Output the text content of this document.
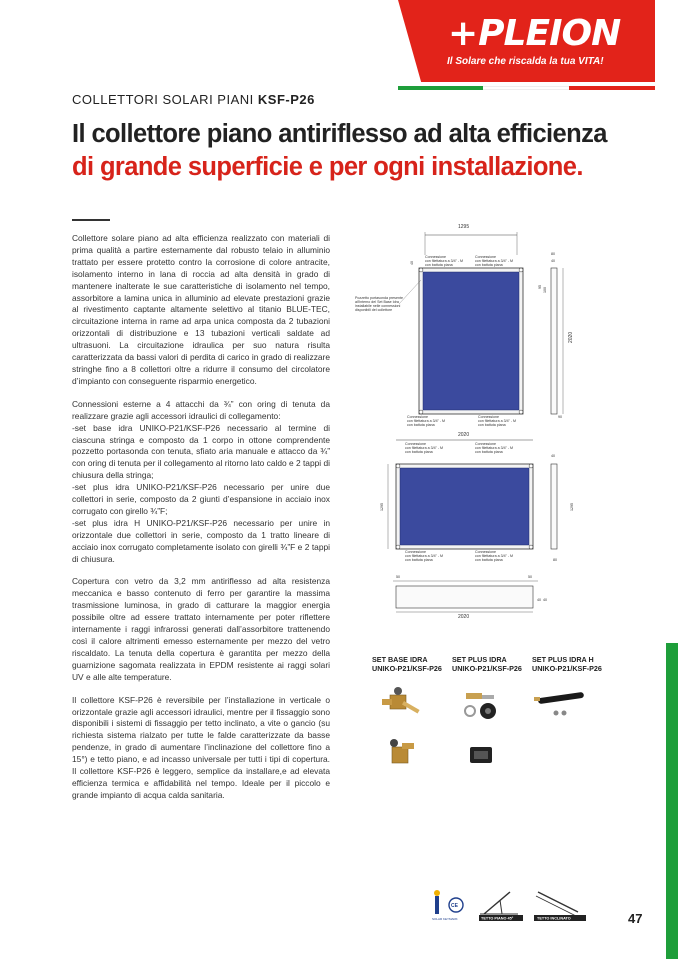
+PLEION
Il Solare che riscalda la tua VITA!
COLLETTORI SOLARI PIANI KSF-P26
Il collettore piano antiriflesso ad alta efficienza
di grande superficie e per ogni installazione.

Collettore solare piano ad alta efficienza realizzato con materiali di prima qualità a partire esternamente dal robusto telaio in alluminio trattato per essere protetto contro la corrosione di colore antracite, isolamento interno in lana di roccia ad alta densità in grado di mantenere inalterate le sue caratteristiche di isolamento nel tempo, assorbitore a lamina unica in alluminio ad elevate prestazioni grazie al rivestimento captante altamente selettivo al titanio BLUE-TEC, circuitazione interna in rame ad arpa unica composta da 2 tubazioni orizzontali di distribuzione e 13 tubazioni verticali saldate ad ultrasuoni. La circuitazione idraulica per suo natura risulta caratterizzata da bassi valori di perdita di carico in grado di realizzare stringhe fino a 8 collettori oltre a ridurre il consumo del circolatore d’impianto con conseguente risparmio energetico.

Connessioni esterne a 4 attacchi da ¾” con oring di tenuta da realizzare grazie agli accessori idraulici di collegamento:
-set base idra UNIKO-P21/KSF-P26 necessario al termine di ciascuna stringa e composto da 1 corpo in ottone comprendente pozzetto portasonda con tenuta, sfiato aria manuale e attacco da ¾” con oring di tenuta per il collegamento al ritorno lato caldo e 2 tappi di chiusura della stringa;
-set plus idra UNIKO-P21/KSF-P26 necessario per unire due collettori in serie, composto da 2 giunti d’espansione in acciaio inox corrugato con girello ¾”F;
-set plus idra H UNIKO-P21/KSF-P26 necessario per unire in orizzontale due collettori in serie, composto da 1 tratto lineare di acciaio inox corrugato completamente isolato con girelli ¾”F e 2 tappi di chiusura.

Copertura con vetro da 3,2 mm antiriflesso ad alta resistenza meccanica e basso contenuto di ferro per garantire la massima trasmissione luminosa, in grado di catturare la maggior energia possibile oltre ad essere trattato internamente per poter riflettere internamente i raggi infrarossi generati dall’assorbitore trattenendo così il calore altrimenti emesso esternamente per mezzo del vetro riscaldato. La tenuta della copertura è garantita per mezzo della guarnizione sagomata realizzata in EPDM resistente ai raggi solari UV e alle alte temperature.

Il collettore KSF-P26 è reversibile per l’installazione in verticale o orizzontale grazie agli accessori idraulici, mentre per il fissaggio sono disponibili i sistemi di fissaggio per tetto inclinato, a vite o gancio (su richiesta sistema rialzato per tutte le falde caratterizzate da basse pendenze, in grado di aumentare l’inclinazione del collettore fino a 15°) e tetto piano, e ad incasso universale per tutti i tipi di copertura. Il collettore KSF-P26 è leggero, semplice da installare,e ad elevata efficienza termica e affidabilità nel tempo. Ideale per il piccolo e grande impianto di acqua calda sanitaria.

1295
Connessione
con filettatura a 3/4" - M
con battuta piana
Connessione
con filettatura a 3/4" - M
con battuta piana
Pozzetto portasonda presente
all'interno del Set Base Idra
installabile nelle connessioni
disponibili del collettore
2020
80
40
95 100
90
40
Connessione
con filettatura a 3/4" - M
con battuta piana
Connessione
con filettatura a 3/4" - M
con battuta piana
2020
Connessione
con filettatura a 3/4" - M
con battuta piana
Connessione
con filettatura a 3/4" - M
con battuta piana
1295
Connessione
con filettatura a 3/4" - M
con battuta piana
Connessione
con filettatura a 3/4" - M
con battuta piana
40
1295
80
50	50
40 40
2020
SET BASE IDRA
UNIKO-P21/KSF-P26
SET PLUS IDRA
UNIKO-P21/KSF-P26
SET PLUS IDRA H
UNIKO-P21/KSF-P26
SOLAR KEYMARK
CE
TETTO PIANO 45°	TETTO INCLINATO	47
